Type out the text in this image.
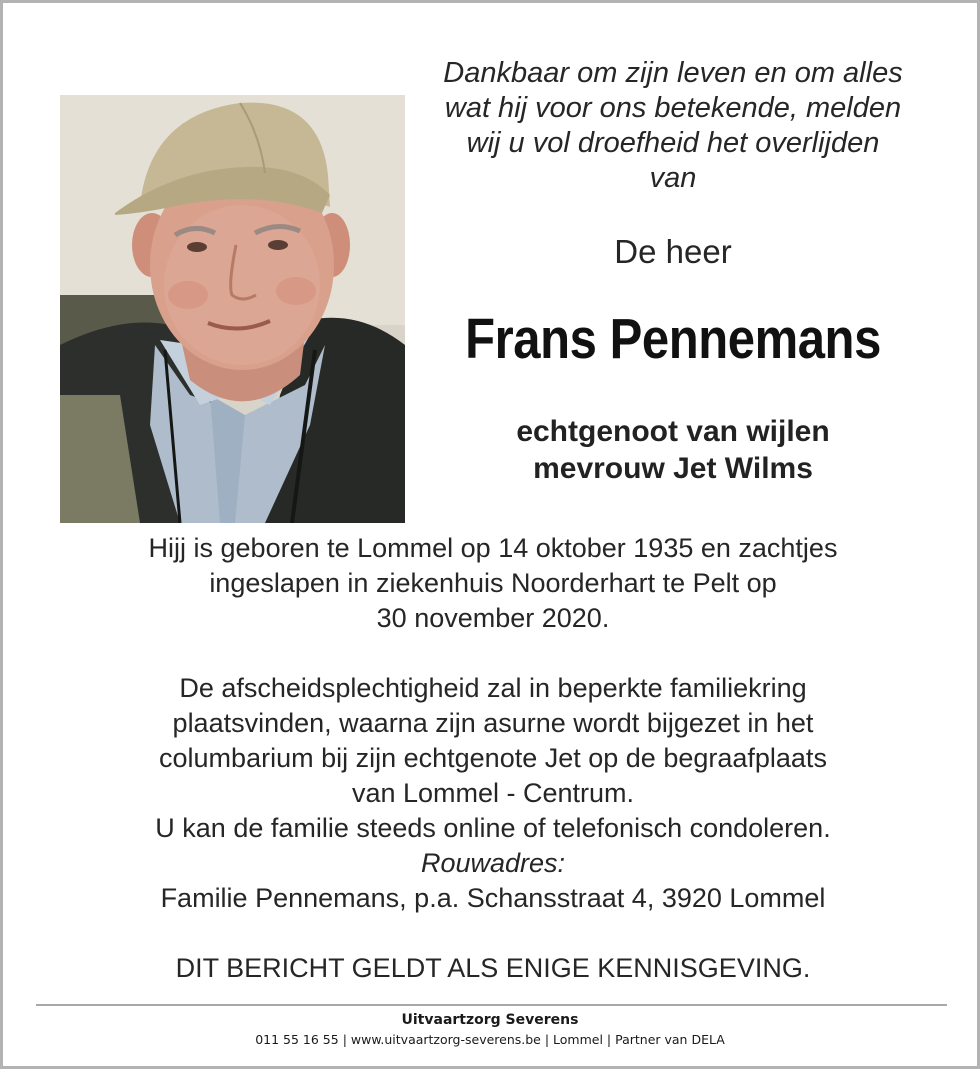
Dankbaar om zijn leven en om alles
wat hij voor ons betekende, melden
wij u vol droefheid het overlijden
van
De heer
Frans Pennemans
echtgenoot van wijlen
mevrouw Jet Wilms
Hijj is geboren te Lommel op 14 oktober 1935 en zachtjes
ingeslapen in ziekenhuis Noorderhart te Pelt op
30 november 2020.
De afscheidsplechtigheid zal in beperkte familiekring
plaatsvinden, waarna zijn asurne wordt bijgezet in het
columbarium bij zijn echtgenote Jet op de begraafplaats
van Lommel - Centrum.
U kan de familie steeds online of telefonisch condoleren.
Rouwadres:
Familie Pennemans, p.a. Schansstraat 4, 3920 Lommel
DIT BERICHT GELDT ALS ENIGE KENNISGEVING.
Uitvaartzorg Severens
011 55 16 55 | www.uitvaartzorg-severens.be | Lommel | Partner van DELA
